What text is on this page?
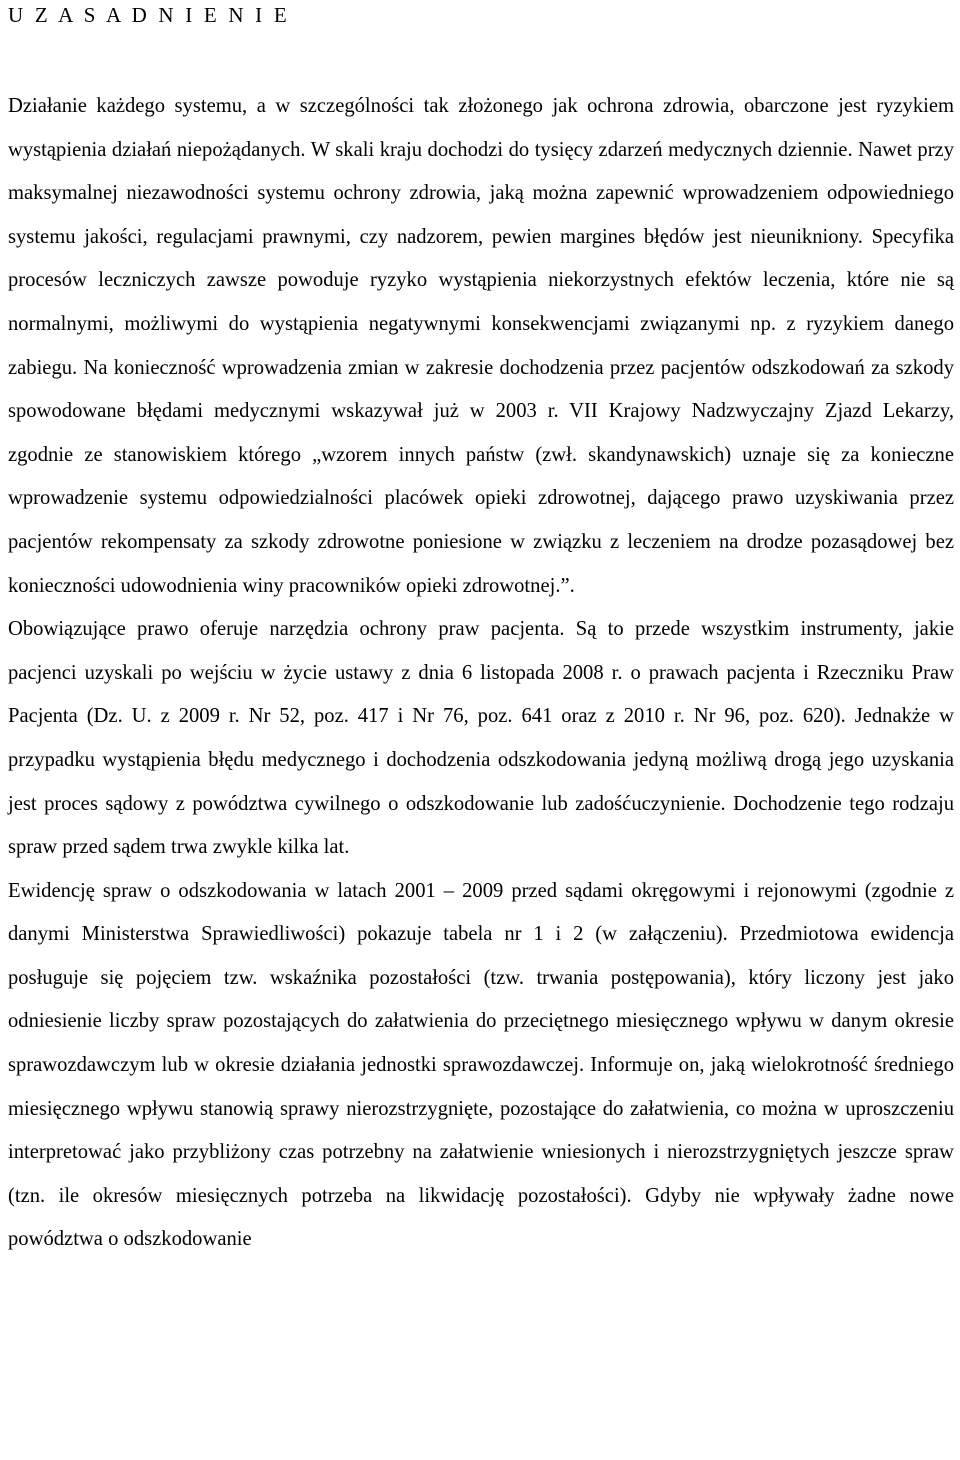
U Z A S A D N I E N I E

Działanie każdego systemu, a w szczególności tak złożonego jak ochrona zdrowia, obarczone jest ryzykiem wystąpienia działań niepożądanych. W skali kraju dochodzi do tysięcy zdarzeń medycznych dziennie. Nawet przy maksymalnej niezawodności systemu ochrony zdrowia, jaką można zapewnić wprowadzeniem odpowiedniego systemu jakości, regulacjami prawnymi, czy nadzorem, pewien margines błędów jest nieunikniony. Specyfika procesów leczniczych zawsze powoduje ryzyko wystąpienia niekorzystnych efektów leczenia, które nie są normalnymi, możliwymi do wystąpienia negatywnymi konsekwencjami związanymi np. z ryzykiem danego zabiegu. Na konieczność wprowadzenia zmian w zakresie dochodzenia przez pacjentów odszkodowań za szkody spowodowane błędami medycznymi wskazywał już w 2003 r. VII Krajowy Nadzwyczajny Zjazd Lekarzy, zgodnie ze stanowiskiem którego „wzorem innych państw (zwł. skandynawskich) uznaje się za konieczne wprowadzenie systemu odpowiedzialności placówek opieki zdrowotnej, dającego prawo uzyskiwania przez pacjentów rekompensaty za szkody zdrowotne poniesione w związku z leczeniem na drodze pozasądowej bez konieczności udowodnienia winy pracowników opieki zdrowotnej.”.

Obowiązujące prawo oferuje narzędzia ochrony praw pacjenta. Są to przede wszystkim instrumenty, jakie pacjenci uzyskali po wejściu w życie ustawy z dnia 6 listopada 2008 r. o prawach pacjenta i Rzeczniku Praw Pacjenta (Dz. U. z 2009 r. Nr 52, poz. 417 i Nr 76, poz. 641 oraz z 2010 r. Nr 96, poz. 620). Jednakże w przypadku wystąpienia błędu medycznego i dochodzenia odszkodowania jedyną możliwą drogą jego uzyskania jest proces sądowy z powództwa cywilnego o odszkodowanie lub zadośćuczynienie. Dochodzenie tego rodzaju spraw przed sądem trwa zwykle kilka lat.

Ewidencję spraw o odszkodowania w latach 2001 – 2009 przed sądami okręgowymi i rejonowymi (zgodnie z danymi Ministerstwa Sprawiedliwości) pokazuje tabela nr 1 i 2 (w załączeniu). Przedmiotowa ewidencja posługuje się pojęciem tzw. wskaźnika pozostałości (tzw. trwania postępowania), który liczony jest jako odniesienie liczby spraw pozostających do załatwienia do przeciętnego miesięcznego wpływu w danym okresie sprawozdawczym lub w okresie działania jednostki sprawozdawczej. Informuje on, jaką wielokrotność średniego miesięcznego wpływu stanowią sprawy nierozstrzygnięte, pozostające do załatwienia, co można w uproszczeniu interpretować jako przybliżony czas potrzebny na załatwienie wniesionych i nierozstrzygniętych jeszcze spraw (tzn. ile okresów miesięcznych potrzeba na likwidację pozostałości). Gdyby nie wpływały żadne nowe powództwa o odszkodowanie
